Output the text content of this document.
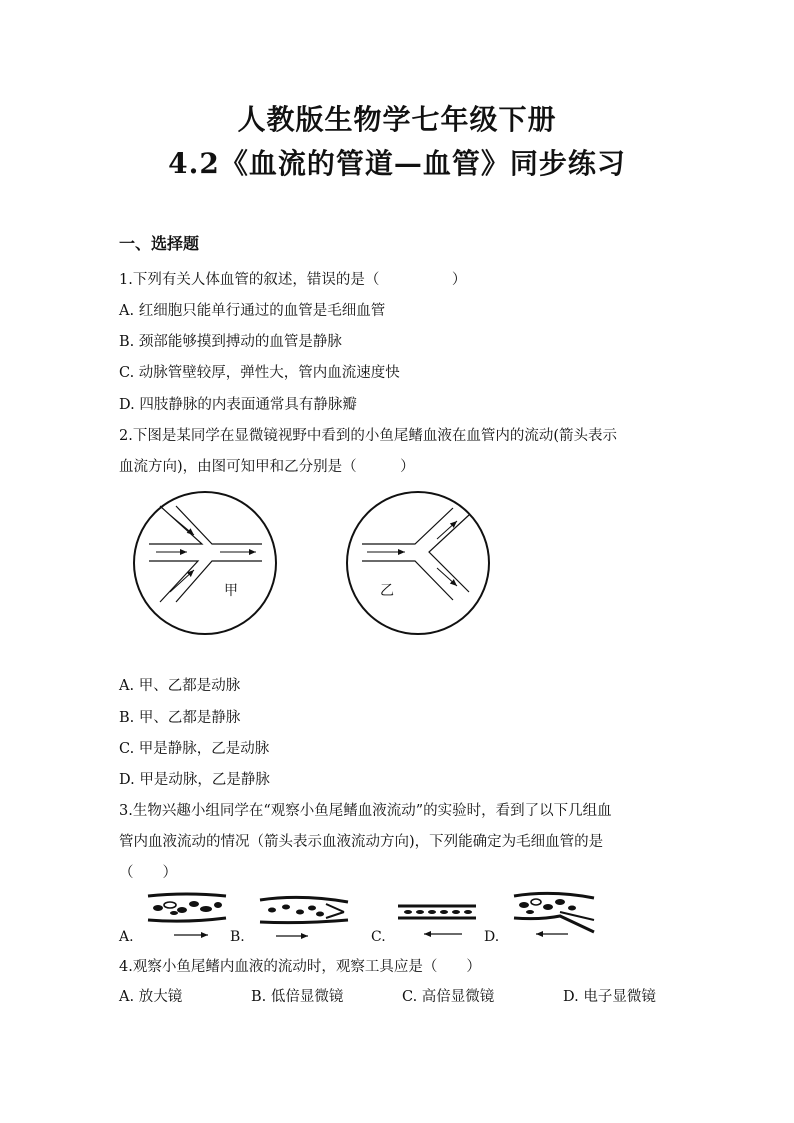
人教版生物学七年级下册
4.2《血流的管道—血管》同步练习
一、选择题
1.下列有关人体血管的叙述，错误的是（　　　　　）
A. 红细胞只能单行通过的血管是毛细血管
B. 颈部能够摸到搏动的血管是静脉
C. 动脉管壁较厚，弹性大，管内血流速度快
D. 四肢静脉的内表面通常具有静脉瓣
2.下图是某同学在显微镜视野中看到的小鱼尾鳍血液在血管内的流动(箭头表示
血流方向)，由图可知甲和乙分别是（　　　）
甲	乙
A. 甲、乙都是动脉
B. 甲、乙都是静脉
C. 甲是静脉，乙是动脉
D. 甲是动脉，乙是静脉
3.生物兴趣小组同学在“观察小鱼尾鳍血液流动”的实验时，看到了以下几组血
管内血液流动的情况（箭头表示血液流动方向)，下列能确定为毛细血管的是
（　　）
A.	B.	C.	D.
4.观察小鱼尾鳍内血液的流动时，观察工具应是（　　）
A. 放大镜	B. 低倍显微镜	C. 高倍显微镜	D. 电子显微镜
